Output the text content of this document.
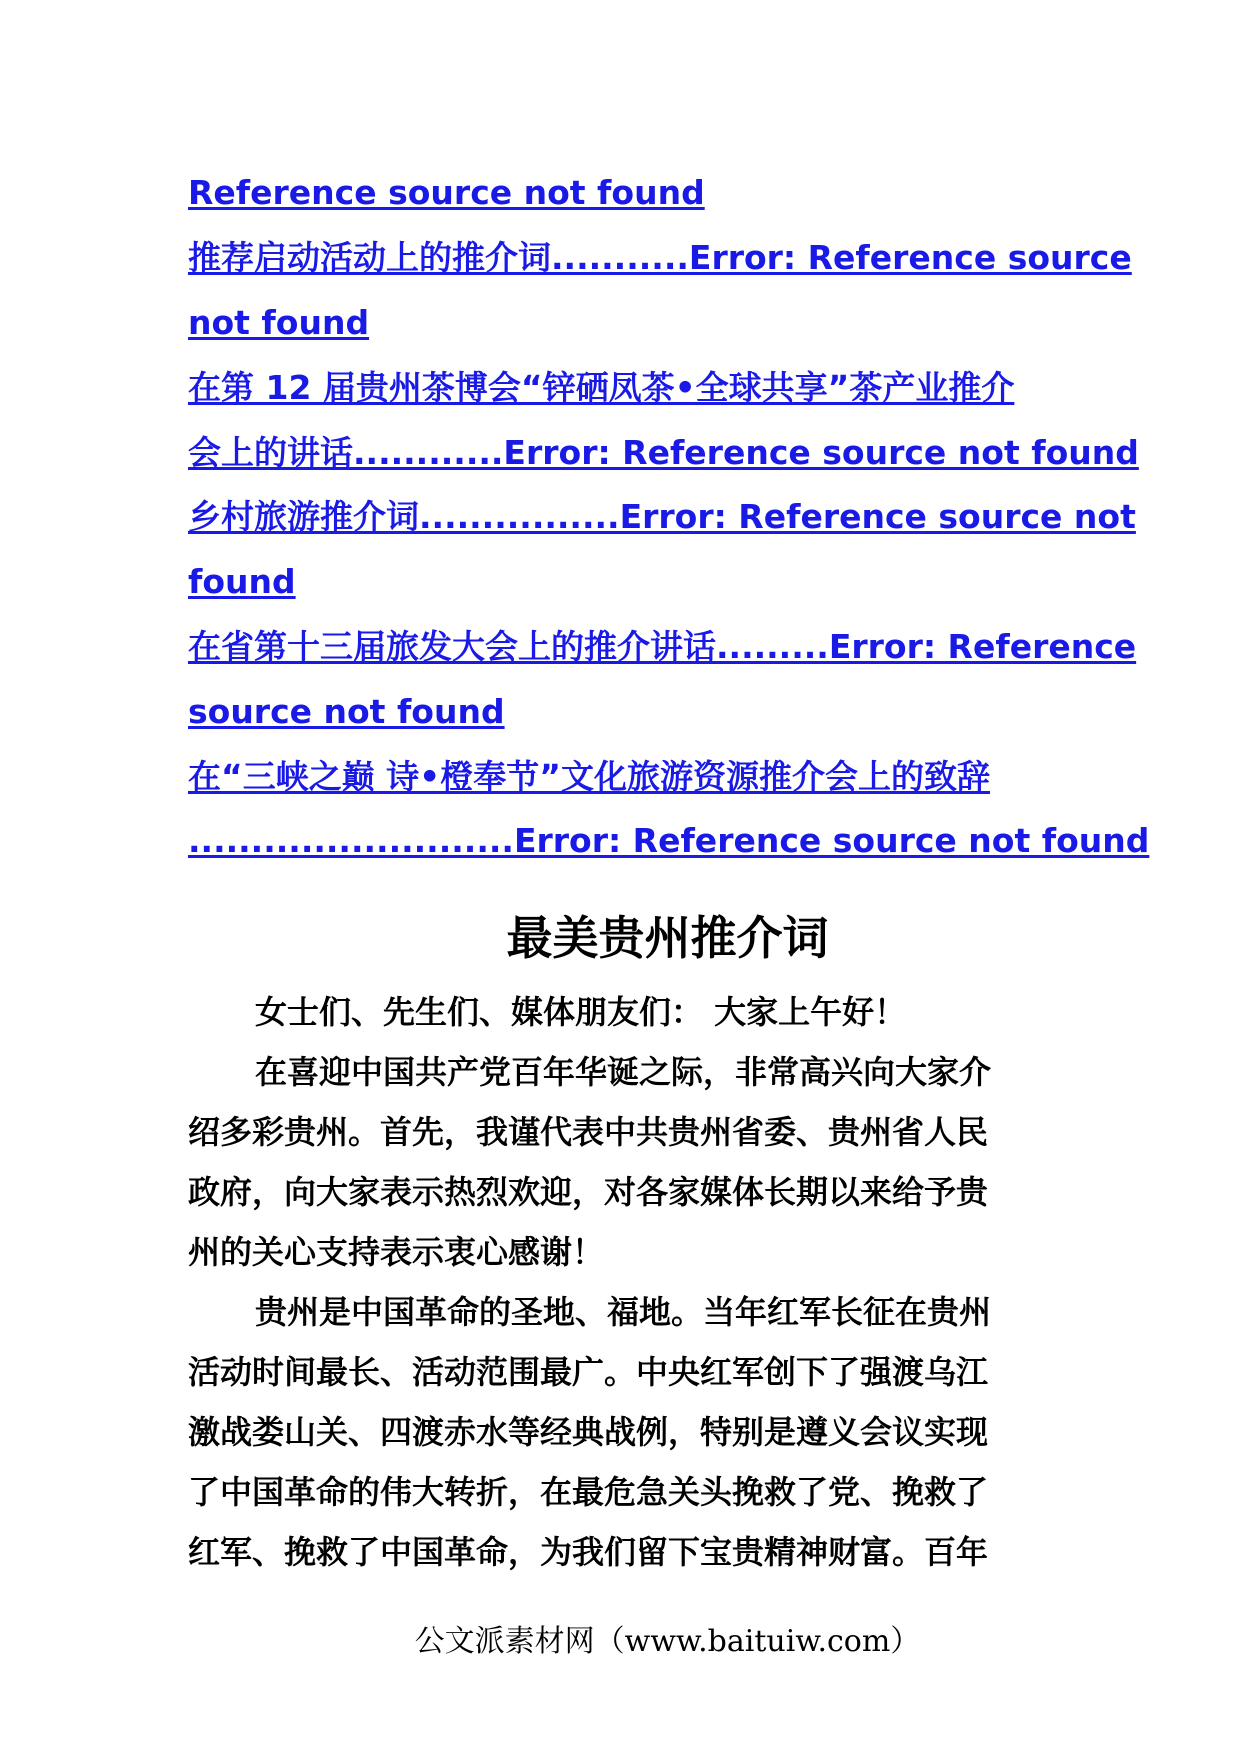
Reference source not found
推荐启动活动上的推介词...........Error: Reference source
not found
在第 12 届贵州茶博会“锌硒凤茶•全球共享”茶产业推介
会上的讲话............Error: Reference source not found
乡村旅游推介词................Error: Reference source not
found
在省第十三届旅发大会上的推介讲话.........Error: Reference
source not found
在“三峡之巅 诗•橙奉节”文化旅游资源推介会上的致辞
..........................Error: Reference source not found
最美贵州推介词
女士们、先生们、媒体朋友们： 大家上午好！
在喜迎中国共产党百年华诞之际，非常高兴向大家介
绍多彩贵州。首先，我谨代表中共贵州省委、贵州省人民
政府，向大家表示热烈欢迎，对各家媒体长期以来给予贵
州的关心支持表示衷心感谢！
贵州是中国革命的圣地、福地。当年红军长征在贵州
活动时间最长、活动范围最广。中央红军创下了强渡乌江
激战娄山关、四渡赤水等经典战例，特别是遵义会议实现
了中国革命的伟大转折，在最危急关头挽救了党、挽救了
红军、挽救了中国革命，为我们留下宝贵精神财富。百年
公文派素材网（www.baituiw.com）
